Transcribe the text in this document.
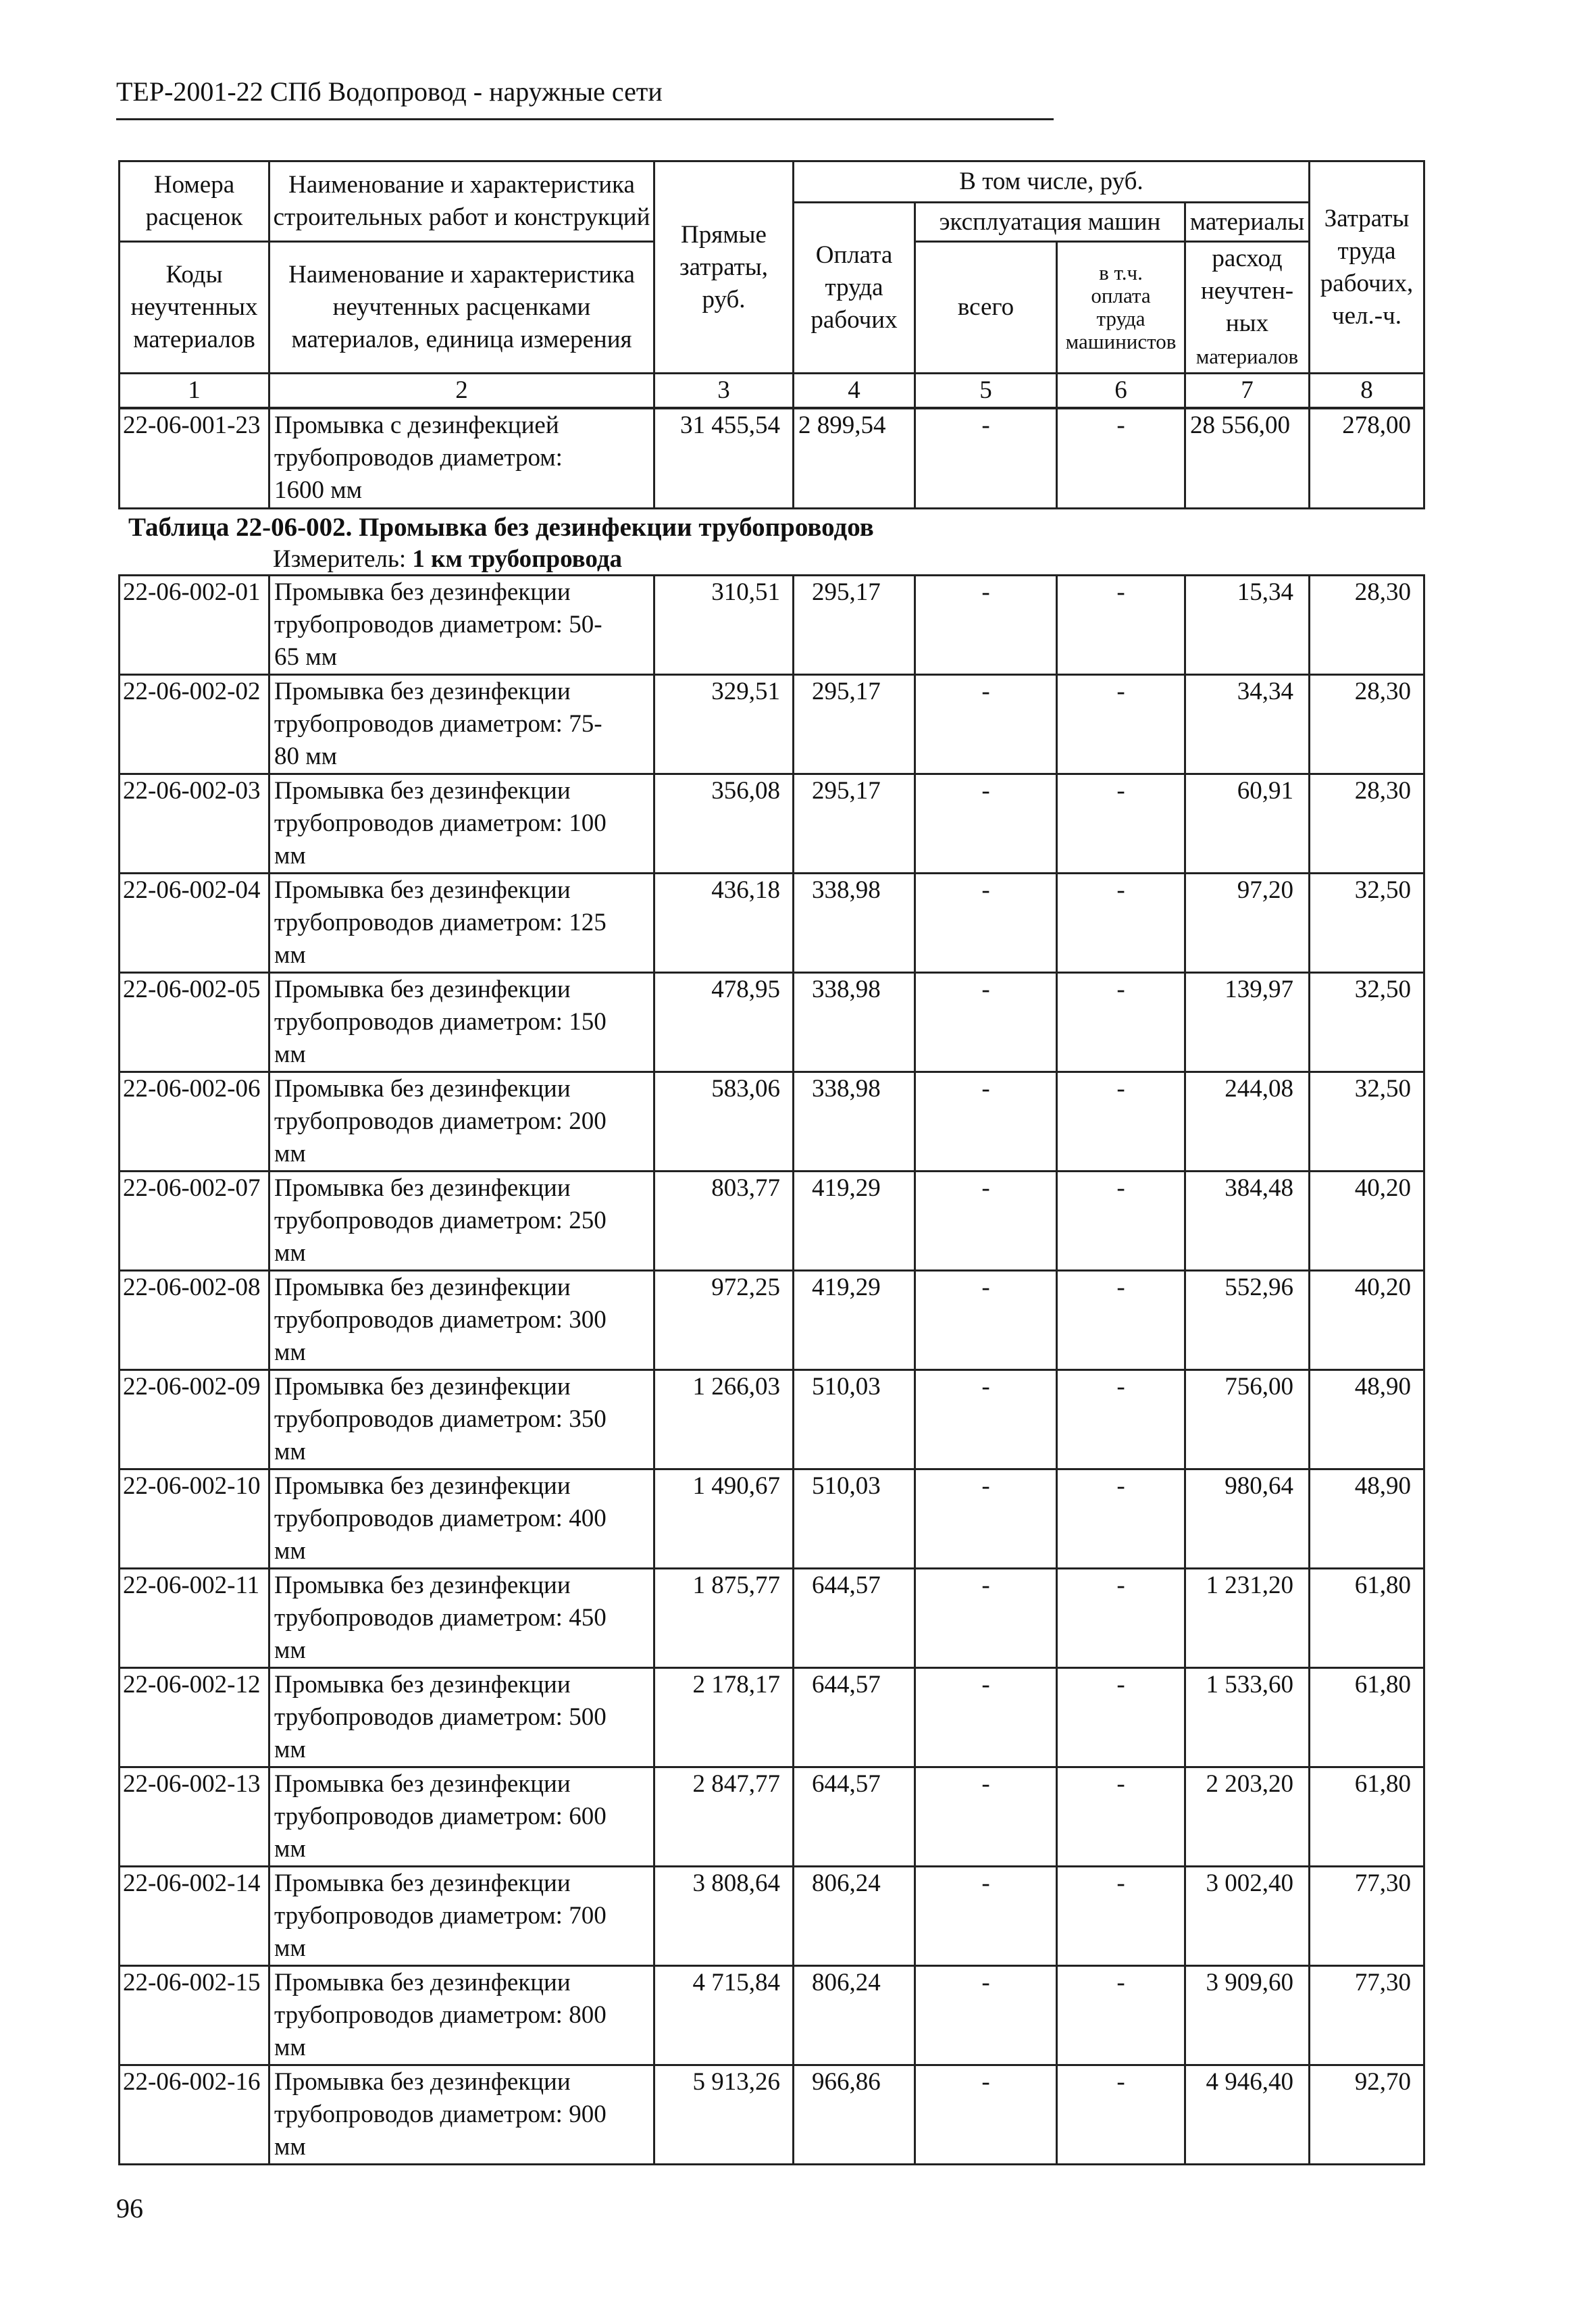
ТЕР-2001-22 СПб Водопровод - наружные сети
Номера
расценок	Наименование и характеристика
строительных работ и конструкций	Прямые
затраты,
руб.	В том числе, руб.				Затраты
труда
рабочих,
чел.-ч.
			Оплата
труда
рабочих	эксплуатация машин		материалы	
Коды
неучтенных
материалов	Наименование и характеристика
неучтенных расценками
материалов, единица измерения			всего	в т.ч.
оплата
труда
машинистов	расход
неучтен-
ных
материалов	

1	2	3	4	5	6	7	8
22-06-001-23	Промывка с дезинфекцией
трубопроводов диаметром:
1600 мм	31 455,54	2 899,54	-	-	28 556,00	278,00
Таблица 22-06-002. Промывка без дезинфекции трубопроводов
Измеритель: 1 км трубопровода
22-06-002-01	Промывка без дезинфекции
трубопроводов диаметром: 50-
65 мм	310,51	295,17	-	-	15,34	28,30
22-06-002-02	Промывка без дезинфекции
трубопроводов диаметром: 75-
80 мм	329,51	295,17	-	-	34,34	28,30
22-06-002-03	Промывка без дезинфекции
трубопроводов диаметром: 100
мм	356,08	295,17	-	-	60,91	28,30
22-06-002-04	Промывка без дезинфекции
трубопроводов диаметром: 125
мм	436,18	338,98	-	-	97,20	32,50
22-06-002-05	Промывка без дезинфекции
трубопроводов диаметром: 150
мм	478,95	338,98	-	-	139,97	32,50
22-06-002-06	Промывка без дезинфекции
трубопроводов диаметром: 200
мм	583,06	338,98	-	-	244,08	32,50
22-06-002-07	Промывка без дезинфекции
трубопроводов диаметром: 250
мм	803,77	419,29	-	-	384,48	40,20
22-06-002-08	Промывка без дезинфекции
трубопроводов диаметром: 300
мм	972,25	419,29	-	-	552,96	40,20
22-06-002-09	Промывка без дезинфекции
трубопроводов диаметром: 350
мм	1 266,03	510,03	-	-	756,00	48,90
22-06-002-10	Промывка без дезинфекции
трубопроводов диаметром: 400
мм	1 490,67	510,03	-	-	980,64	48,90
22-06-002-11	Промывка без дезинфекции
трубопроводов диаметром: 450
мм	1 875,77	644,57	-	-	1 231,20	61,80
22-06-002-12	Промывка без дезинфекции
трубопроводов диаметром: 500
мм	2 178,17	644,57	-	-	1 533,60	61,80
22-06-002-13	Промывка без дезинфекции
трубопроводов диаметром: 600
мм	2 847,77	644,57	-	-	2 203,20	61,80
22-06-002-14	Промывка без дезинфекции
трубопроводов диаметром: 700
мм	3 808,64	806,24	-	-	3 002,40	77,30
22-06-002-15	Промывка без дезинфекции
трубопроводов диаметром: 800
мм	4 715,84	806,24	-	-	3 909,60	77,30
22-06-002-16	Промывка без дезинфекции
трубопроводов диаметром: 900
мм	5 913,26	966,86	-	-	4 946,40	92,70
96
